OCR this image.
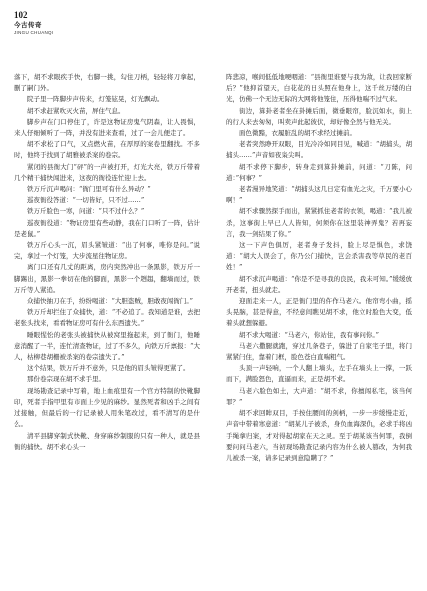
102
今古传奇
JINGU CHUANQI

落下，胡不求眼疾手快，右脚一挑，勾住刀柄，轻轻将刀拿起，删了嗣门外。

院子里一阵脚步声传来，灯笼铉晃，灯光飘动。

胡不求赶紧吹灭火苗，屏住气息。

脚步声在门口停住了，许是这物证房鬼气阴森，让人畏惧，来人仔细倾听了一阵，并没有进来查看，过了一会儿便走了。

胡不求松了口气，又点燃火苗，在厚厚的案卷里翻找。不多时，他终于找到了胡雅被杀案的卷宗。

紧闭的县衙大门“砰”的一声被打开，灯光大亮，铁万斤带着几个精干捕快闯进来，这夜的衙役连忙迎上去。

铁万斤沉声喝问：“衙门里可有什么异动？”

巡夜衙役答道：“一切皆好，只不过……”

铁万斤脸色一寒，问道：“只不过什么？”

巡夜衙役道：“物证房里有些动静，我在门口听了一阵，估计是老鼠。”

铁万斤心头一沉，眉头紧皱道：“出了何事，唯你是问。”说完，拿过一个灯笼，大步流星往物证房。

离门口还有几丈的距离，房内突然冲出一条黑影，铁万斤一脚踢出，黑影一拳切在他的脚面，黑影一个趔趄，翻墙而过，铁万斤等人紧追。

众捕快抽刀在手，纷纷喝道：“大胆盗贼，胆敢夜闯衙门。”

铁万斤却拦住了众捕快，道：“不必追了。我知道是谁，去把老张头找来，看看物证房可有什么东西遗失。”

睡眼惺忪的老张头被捕快从被窝里拖起来，到了衙门，他睡意消醒了一半，连忙清查物证，过了不多久，向铁万斤禀报：“大人，枯柳巷胡栅被杀案的卷宗遗失了。”

这个结果，铁万斤并不意外，只是他的眉头皱得更紧了。

那份卷宗现在胡不求手里。

现场勘查记录中写着，地上血痕里有一个官方特制的快靴脚印，死者手指甲里有市面上少见的麻纱。显然死者和凶手之间有过接触，但最后的一行记录被人用朱笔改过，看不清写的是什么。

清平县脚穿制式快靴、身穿麻纱制服的只有一种人，就是县衙的捕快。胡不求心头一

阵悲凉，喉间低低地哽咽道：“县衙里谁要与我为敌，让我回家断后？”他抑首望天，白花花的日头照在他身上，这千丝万缕的白光，仿佛一个无边无际的大网将他笼住，压得他喘不过气来。

街边，算卦老者坐在卦摊后面，微垂眼帘，脸沉如水，街上的行人来去匆匆，叫卖声此起彼伏，却好像全然与他无关。

面色微黯，衣履脏乱的胡不求经过摊前。

老者突然睁开双眼，目光冷冷如同目见，喊道：“胡捕头，胡捕头……”声音如夜枭尖叫。

胡不求停下脚步，转身走到算卦摊前，问道：“刀陈，问道：”何事？”

老者漫异地笑道：“胡捕头这几日定有血光之灾，千万要小心啊！”

胡不求骤然探手而出，紧紧抓住老者的衣领，喝道：“我儿被杀，这事街上早已人人皆知，何须你在这里装神弄鬼？若再妄言，我一剑结果了你。”

这一下声色俱厉，老者身子发抖，脸上尽是惧色，求饶道：“胡大人误会了，你乃公门捕快，岂会杀害我等草民的老百姓！”

胡不求沉声喝道：“你是不是寻我的良民，我未可知。”缓缓放开老者，扭头就走。

迎面走来一人，正是衙门里的仵作马老六。他帘弯小曲，摇头晃脑，甚是得意，不经意间瞧见胡不求，他立时脸色大变，低着头就想躲避。

胡不求大喝道：“马老六，你站住，我有事问你。”

马老六撒腿就跑，穿过几条巷子，躲进了自家宅子里，将门紧紧闩住，靠着门框，脸色苍白直喘粗气。

头顶一声轻响，一个人翻上墙头，左手在墙头上一撑，一跃而下，满脸怒色，直逼而来，正是胡不求。

马老六脸色如土，大声道：“胡不求，你擅闯私宅，该当何罪？”

胡不求回眸双目，手按住腰间的剑柄，一步一步缓慢走近，声音中带着寒意道：“胡某儿子被杀，身负血海深仇，必求手将凶手绳拿归案，才对得起胡家在天之灵。至于胡某该当何罪，我倒要问问马老六，当初现场勘查记录内容为什么被人篡改，为何我儿被杀一案，请多记录到意隐瞒了？”
